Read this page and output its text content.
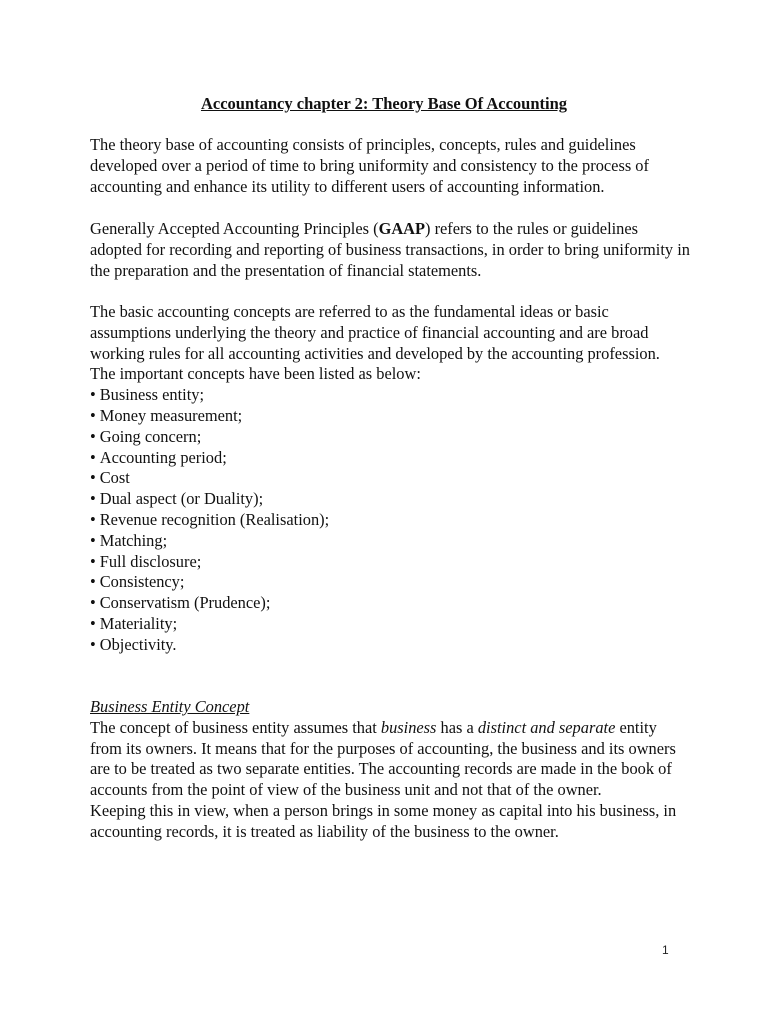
Accountancy chapter 2: Theory Base Of Accounting

The theory base of accounting consists of principles, concepts, rules and guidelines developed over a period of time to bring uniformity and consistency to the process of accounting and enhance its utility to different users of accounting information.

Generally Accepted Accounting Principles (GAAP) refers to the rules or guidelines adopted for recording and reporting of business transactions, in order to bring uniformity in the preparation and the presentation of financial statements.

The basic accounting concepts are referred to as the fundamental ideas or basic assumptions underlying the theory and practice of financial accounting and are broad working rules for all accounting activities and developed by the accounting profession.

The important concepts have been listed as below:

• Business entity;
• Money measurement;
• Going concern;
• Accounting period;
• Cost
• Dual aspect (or Duality);
• Revenue recognition (Realisation);
• Matching;
• Full disclosure;
• Consistency;
• Conservatism (Prudence);
• Materiality;
• Objectivity.

Business Entity Concept

The concept of business entity assumes that business has a distinct and separate entity from its owners. It means that for the purposes of accounting, the business and its owners are to be treated as two separate entities. The accounting records are made in the book of accounts from the point of view of the business unit and not that of the owner.

Keeping this in view, when a person brings in some money as capital into his business, in accounting records, it is treated as liability of the business to the owner.

1
